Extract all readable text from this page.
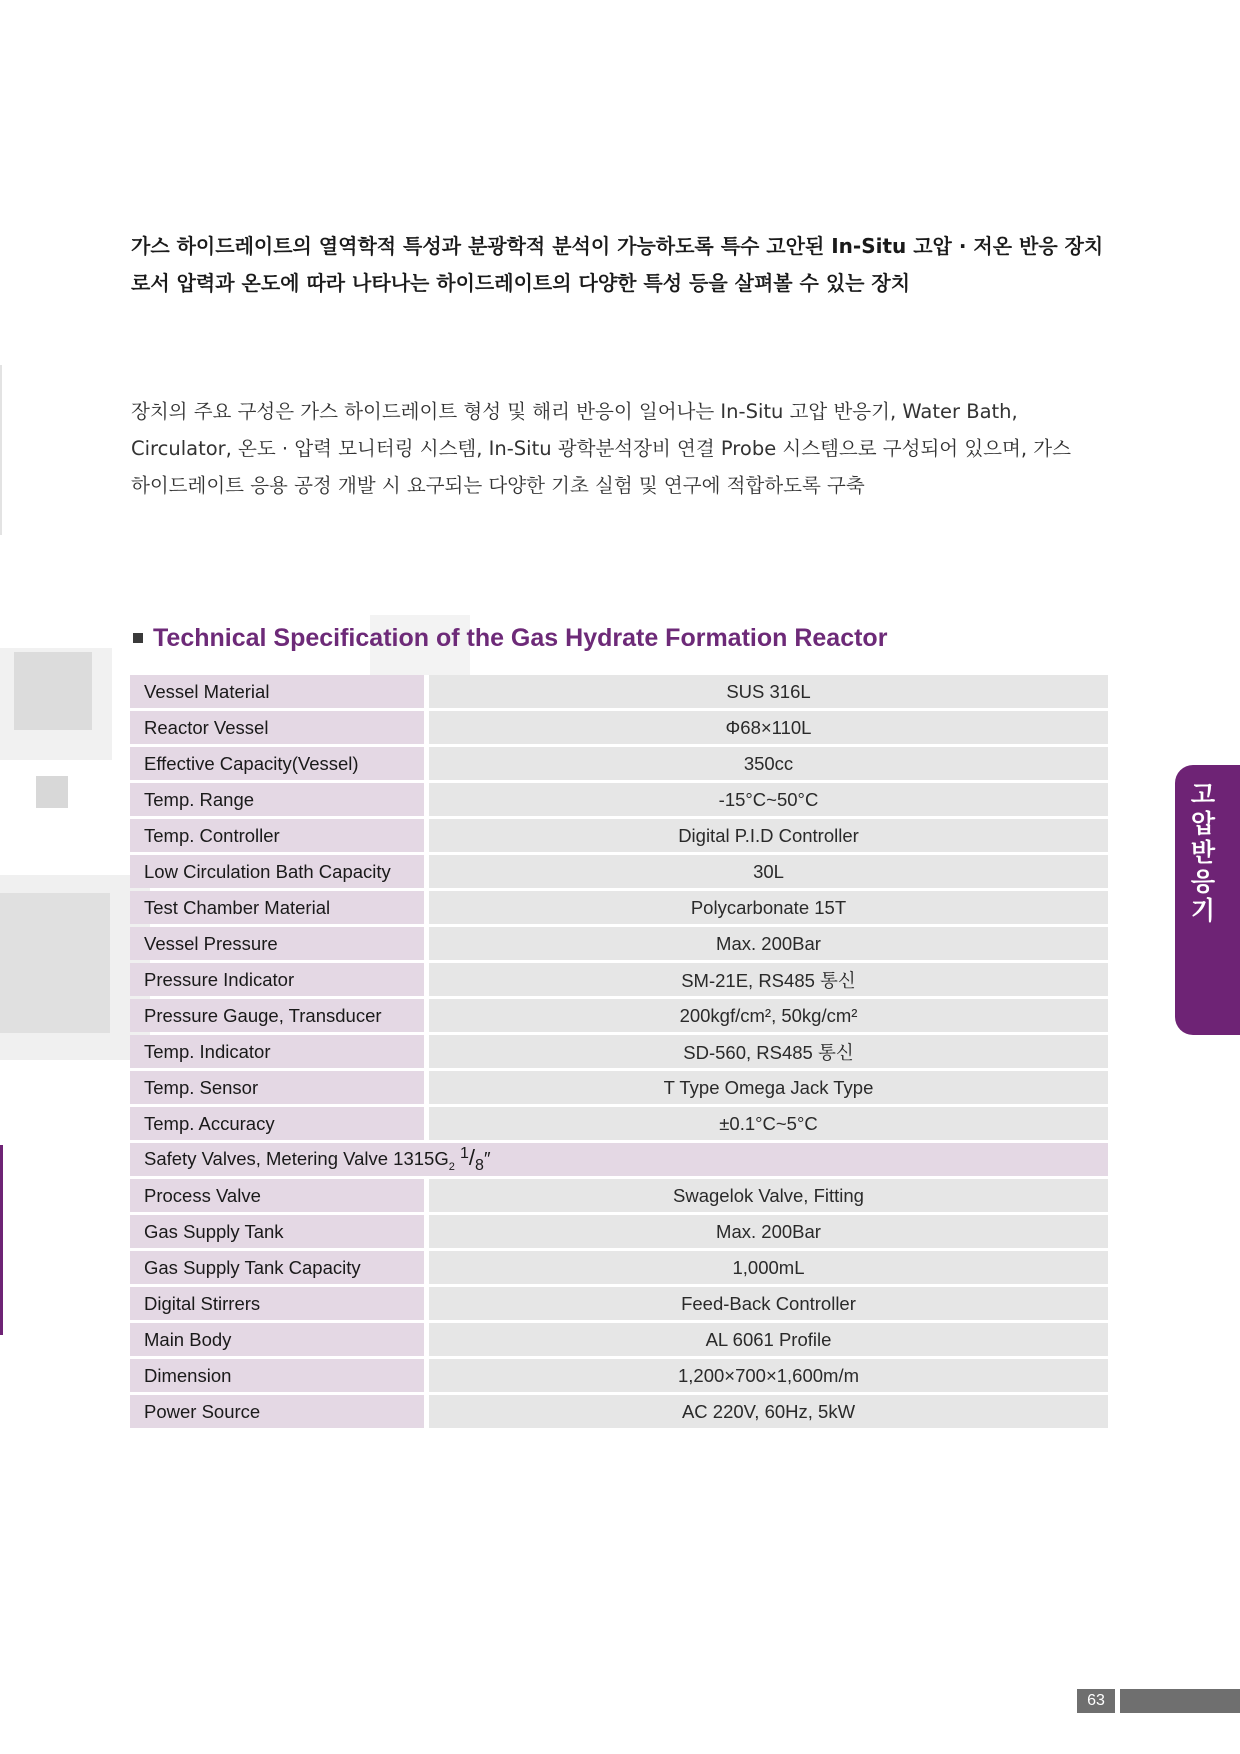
가스 하이드레이트의 열역학적 특성과 분광학적 분석이 가능하도록 특수 고안된 In-Situ 고압 · 저온 반응 장치
로서 압력과 온도에 따라 나타나는 하이드레이트의 다양한 특성 등을 살펴볼 수 있는 장치
장치의 주요 구성은 가스 하이드레이트 형성 및 해리 반응이 일어나는 In-Situ 고압 반응기, Water Bath,
Circulator, 온도 · 압력 모니터링 시스템, In-Situ 광학분석장비 연결 Probe 시스템으로 구성되어 있으며, 가스
하이드레이트 응용 공정 개발 시 요구되는 다양한 기초 실험 및 연구에 적합하도록 구축
Technical Specification of the Gas Hydrate Formation Reactor
Vessel Material		SUS 316L
Reactor Vessel		Φ68×110L
Effective Capacity(Vessel)		350cc
Temp. Range		-15°C~50°C
Temp. Controller		Digital P.I.D Controller
Low Circulation Bath Capacity		30L
Test Chamber Material		Polycarbonate 15T
Vessel Pressure		Max. 200Bar
Pressure Indicator		SM-21E, RS485 통신
Pressure Gauge, Transducer		200kgf/cm², 50kg/cm²
Temp. Indicator		SD-560, RS485 통신
Temp. Sensor		T Type Omega Jack Type
Temp. Accuracy		±0.1°C~5°C
Safety Valves, Metering Valve $1315G_2$ $^1/_8''$		
Process Valve		Swagelok Valve, Fitting
Gas Supply Tank		Max. 200Bar
Gas Supply Tank Capacity		1,000mL
Digital Stirrers		Feed-Back Controller
Main Body		AL 6061 Profile
Dimension		1,200×700×1,600m/m
Power Source		AC 220V, 60Hz, 5kW
고
압
반
응
기
63
